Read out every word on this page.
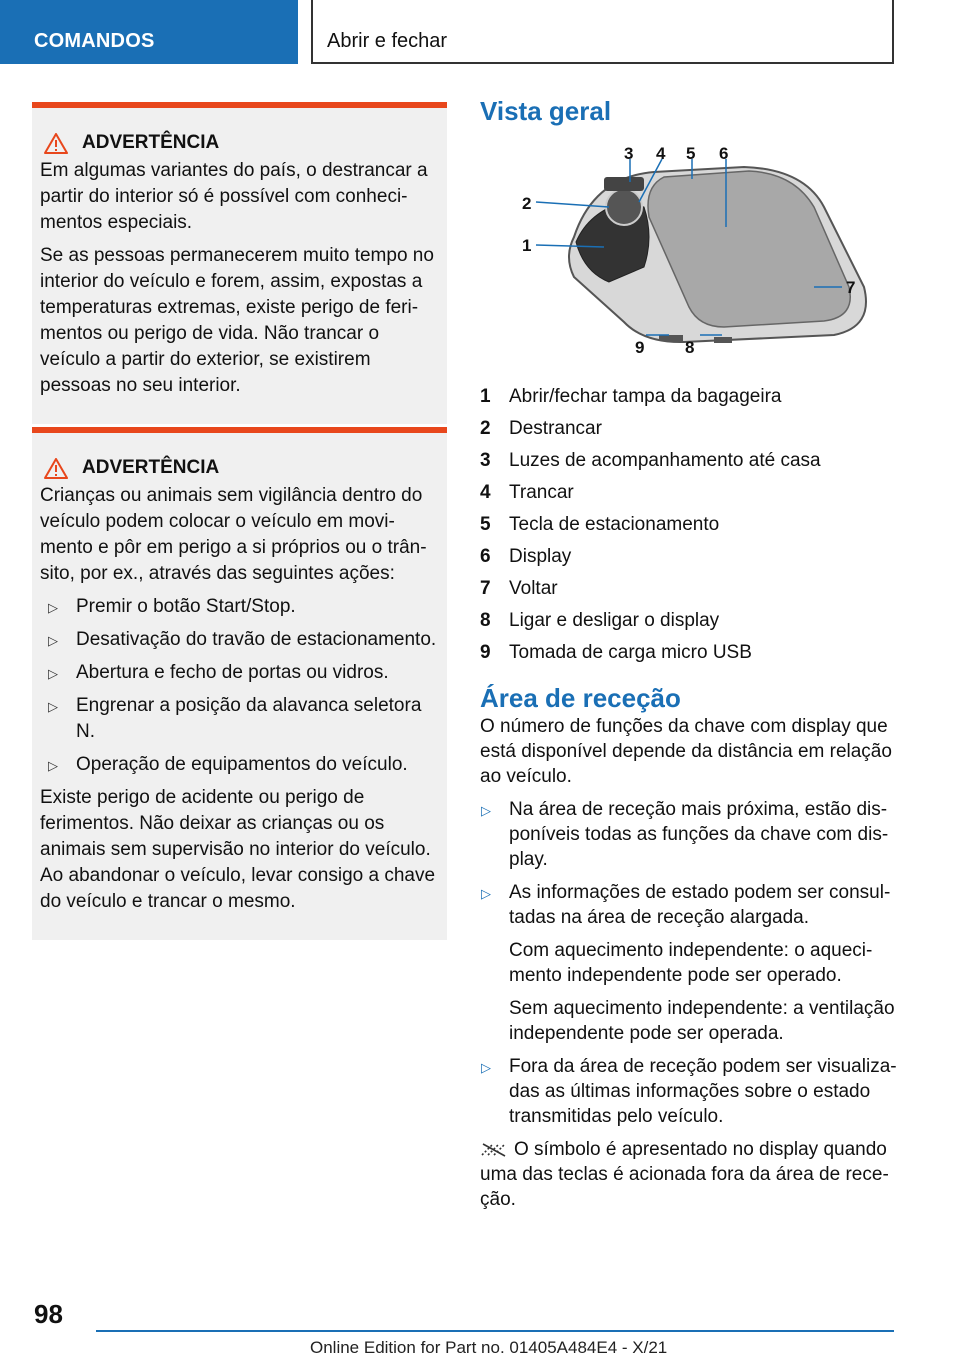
COMANDOS	Abrir e fechar
ADVERTÊNCIA

Em algumas variantes do país, o destrancar a partir do interior só é possível com conhecimentos especiais.

Se as pessoas permanecerem muito tempo no interior do veículo e forem, assim, expostas a temperaturas extremas, existe perigo de ferimentos ou perigo de vida. Não trancar o veículo a partir do exterior, se existirem pessoas no seu interior.

ADVERTÊNCIA

Crianças ou animais sem vigilância dentro do veículo podem colocar o veículo em movimento e pôr em perigo a si próprios ou o trânsito, por ex., através das seguintes ações:

▷ Premir o botão Start/Stop.
▷ Desativação do travão de estacionamento.
▷ Abertura e fecho de portas ou vidros.
▷ Engrenar a posição da alavanca seletora N.
▷ Operação de equipamentos do veículo.

Existe perigo de acidente ou perigo de ferimentos. Não deixar as crianças ou os animais sem supervisão no interior do veículo. Ao abandonar o veículo, levar consigo a chave do veículo e trancar o mesmo.

Vista geral
1
2
3 4 5 6
7
8
9
1 Abrir/fechar tampa da bagageira
2 Destrancar
3 Luzes de acompanhamento até casa
4 Trancar
5 Tecla de estacionamento
6 Display
7 Voltar
8 Ligar e desligar o display
9 Tomada de carga micro USB
Área de receção

O número de funções da chave com display que está disponível depende da distância em relação ao veículo.

▷ Na área de receção mais próxima, estão disponíveis todas as funções da chave com display.
▷ As informações de estado podem ser consultadas na área de receção alargada.
Com aquecimento independente: o aquecimento independente pode ser operado.
Sem aquecimento independente: a ventilação independente pode ser operada.
▷ Fora da área de receção podem ser visualizadas as últimas informações sobre o estado transmitidas pelo veículo.
O símbolo é apresentado no display quando uma das teclas é acionada fora da área de receção.
98
Online Edition for Part no. 01405A484E4 - X/21
